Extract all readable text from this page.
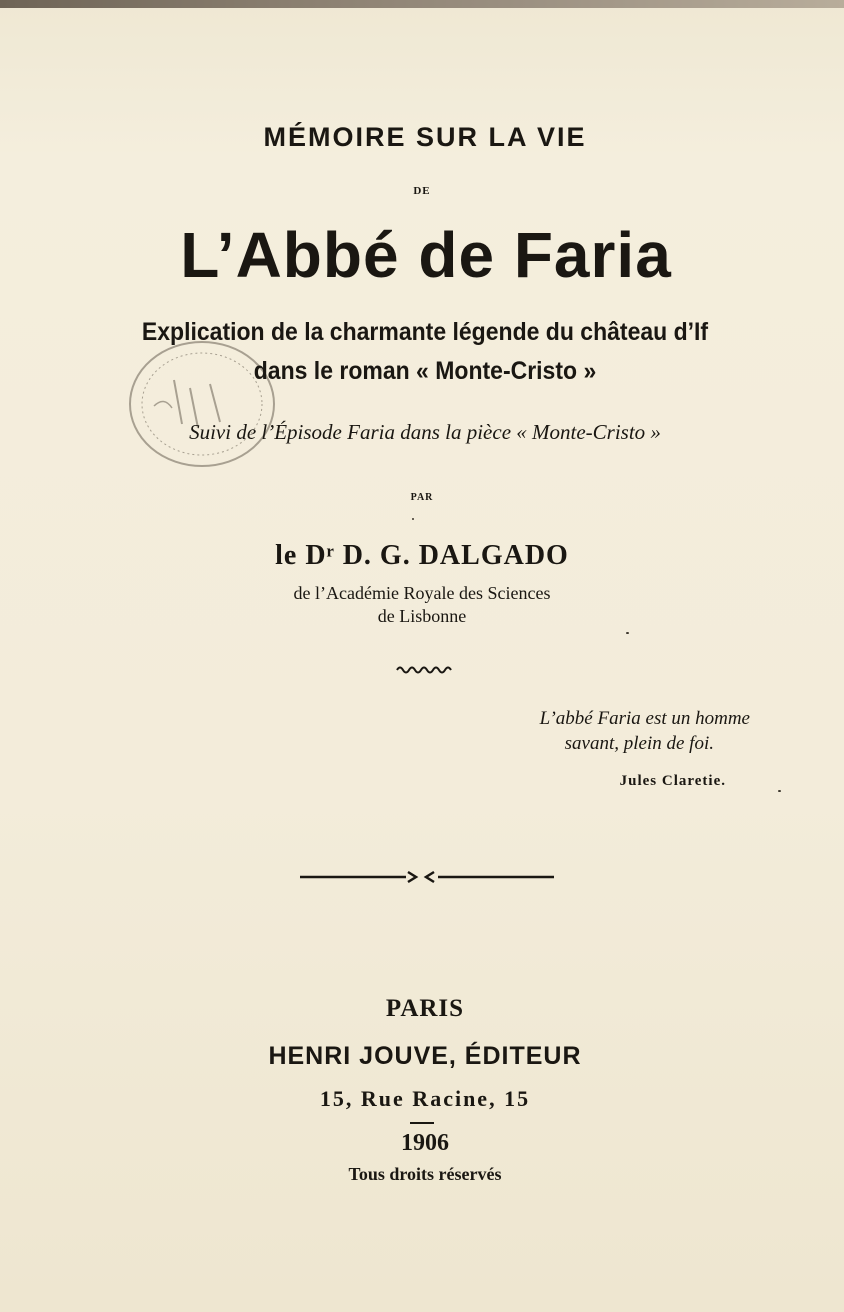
MÉMOIRE SUR LA VIE
DE
L’Abbé de Faria
Explication de la charmante légende du château d’If
dans le roman « Monte-Cristo »
Suivi de l’Épisode Faria dans la pièce « Monte-Cristo »
PAR
le Dʳ D. G. DALGADO
de l’Académie Royale des Sciences
de Lisbonne
L’abbé Faria est un homme
savant, plein de foi.
Jules Claretie.
PARIS
HENRI JOUVE, ÉDITEUR
15, Rue Racine, 15
1906
Tous droits réservés
